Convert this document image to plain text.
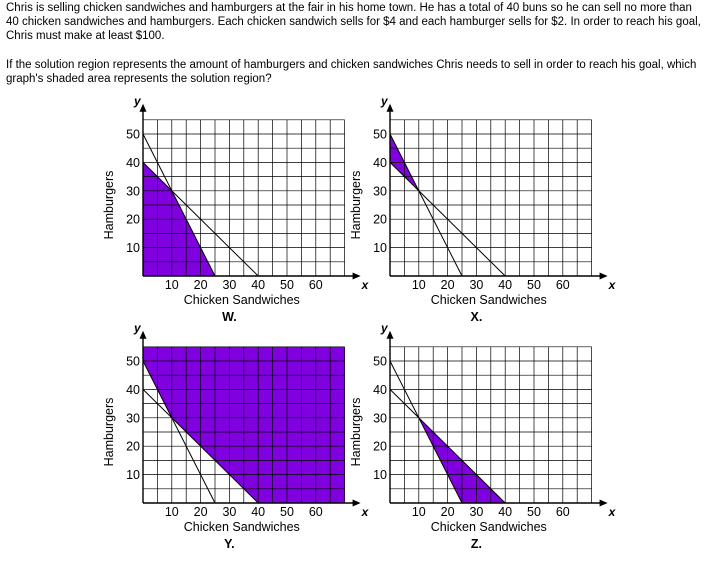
Chris is selling chicken sandwiches and hamburgers at the fair in his home town. He has a total of 40 buns so he can sell no more than 40 chicken sandwiches and hamburgers. Each chicken sandwich sells for $4 and each hamburger sells for $2. In order to reach his goal, Chris must make at least $100.

If the solution region represents the amount of hamburgers and chicken sandwiches Chris needs to sell in order to reach his goal, which graph's shaded area represents the solution region?

y
x
10 20 30 40 50 60
10
20
30
40
50
Chicken Sandwiches
Hamburgers
W.
y
x
10 20 30 40 50 60
10
20
30
40
50
Chicken Sandwiches
Hamburgers
X.
y
x
10 20 30 40 50 60
10
20
30
40
50
Chicken Sandwiches
Hamburgers
Y.
y
x
10 20 30 40 50 60
10
20
30
40
50
Chicken Sandwiches
Hamburgers
Z.
